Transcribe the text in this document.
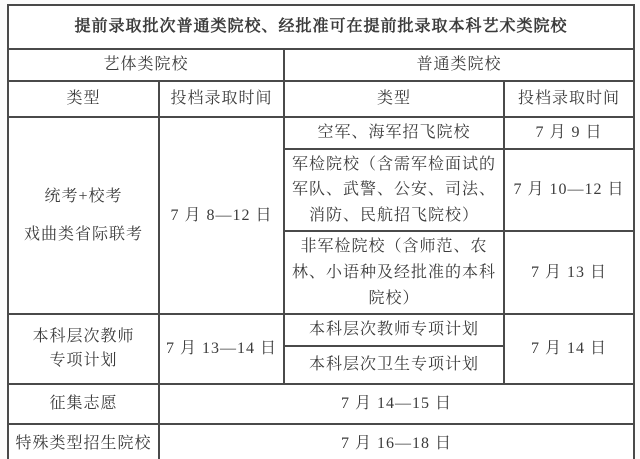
提前录取批次普通类院校、经批准可在提前批录取本科艺术类院校			
艺体类院校		普通类院校	
类型	投档录取时间	类型	投档录取时间

统考+校考
戏曲类省际联考	7 月 8—12 日	空军、海军招飞院校	7 月 9 日
		军检院校（含需军检面试的军队、武警、公安、司法、消防、民航招飞院校）	7 月 10—12 日
		非军检院校（含师范、农林、小语种及经批准的本科院校）	7 月 13 日

本科层次教师
专项计划	7 月 13—14 日	本科层次教师专项计划	7 月 14 日
		本科层次卫生专项计划	
征集志愿	7 月 14—15 日		
特殊类型招生院校	7 月 16—18 日		
